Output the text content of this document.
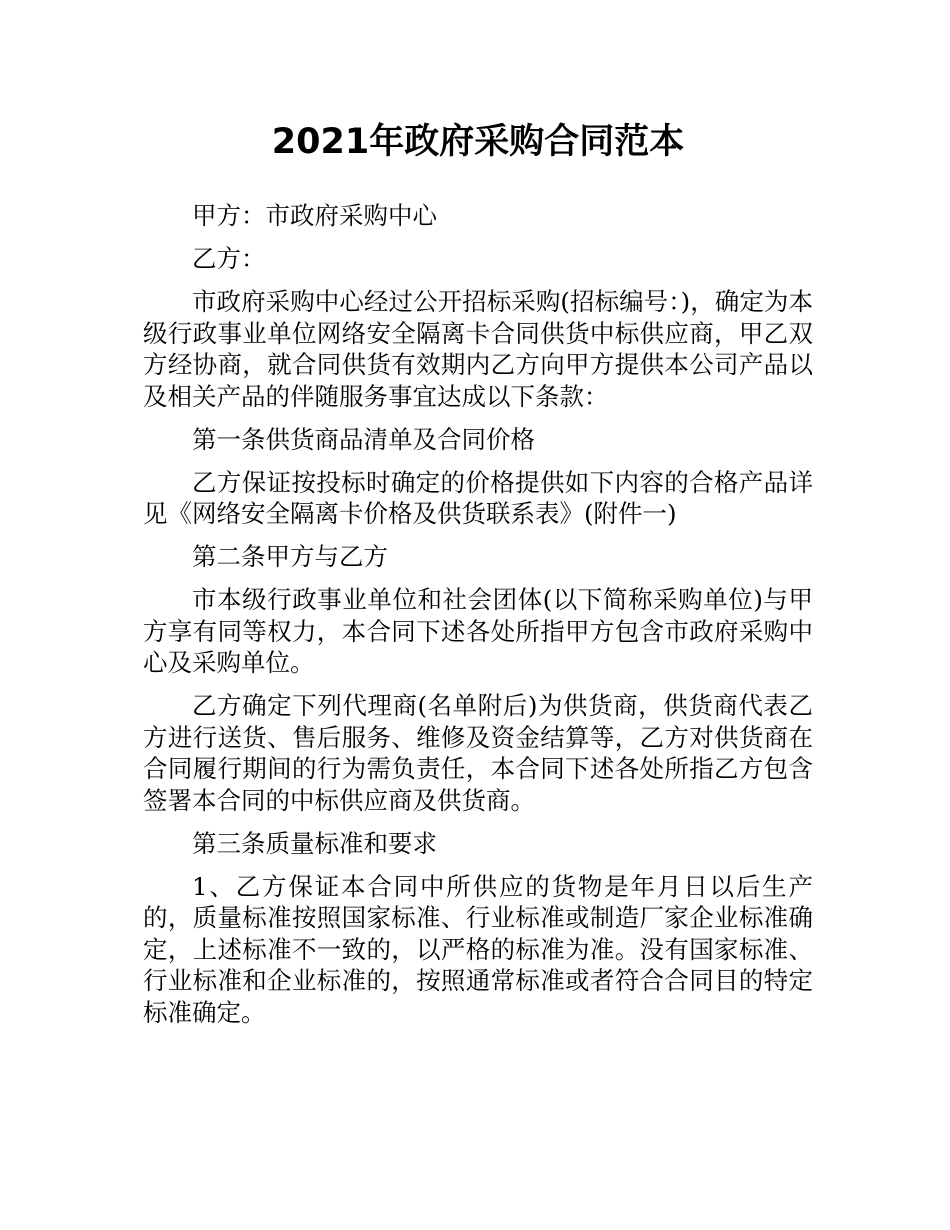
2021年政府采购合同范本

甲方：市政府采购中心

乙方：

市政府采购中心经过公开招标采购(招标编号：)，确定为本级行政事业单位网络安全隔离卡合同供货中标供应商，甲乙双方经协商，就合同供货有效期内乙方向甲方提供本公司产品以及相关产品的伴随服务事宜达成以下条款：

第一条供货商品清单及合同价格

乙方保证按投标时确定的价格提供如下内容的合格产品详见《网络安全隔离卡价格及供货联系表》(附件一)

第二条甲方与乙方

市本级行政事业单位和社会团体(以下简称采购单位)与甲方享有同等权力，本合同下述各处所指甲方包含市政府采购中心及采购单位。

乙方确定下列代理商(名单附后)为供货商，供货商代表乙方进行送货、售后服务、维修及资金结算等，乙方对供货商在合同履行期间的行为需负责任，本合同下述各处所指乙方包含签署本合同的中标供应商及供货商。

第三条质量标准和要求

1、乙方保证本合同中所供应的货物是年月日以后生产的，质量标准按照国家标准、行业标准或制造厂家企业标准确定，上述标准不一致的，以严格的标准为准。没有国家标准、行业标准和企业标准的，按照通常标准或者符合合同目的特定标准确定。
